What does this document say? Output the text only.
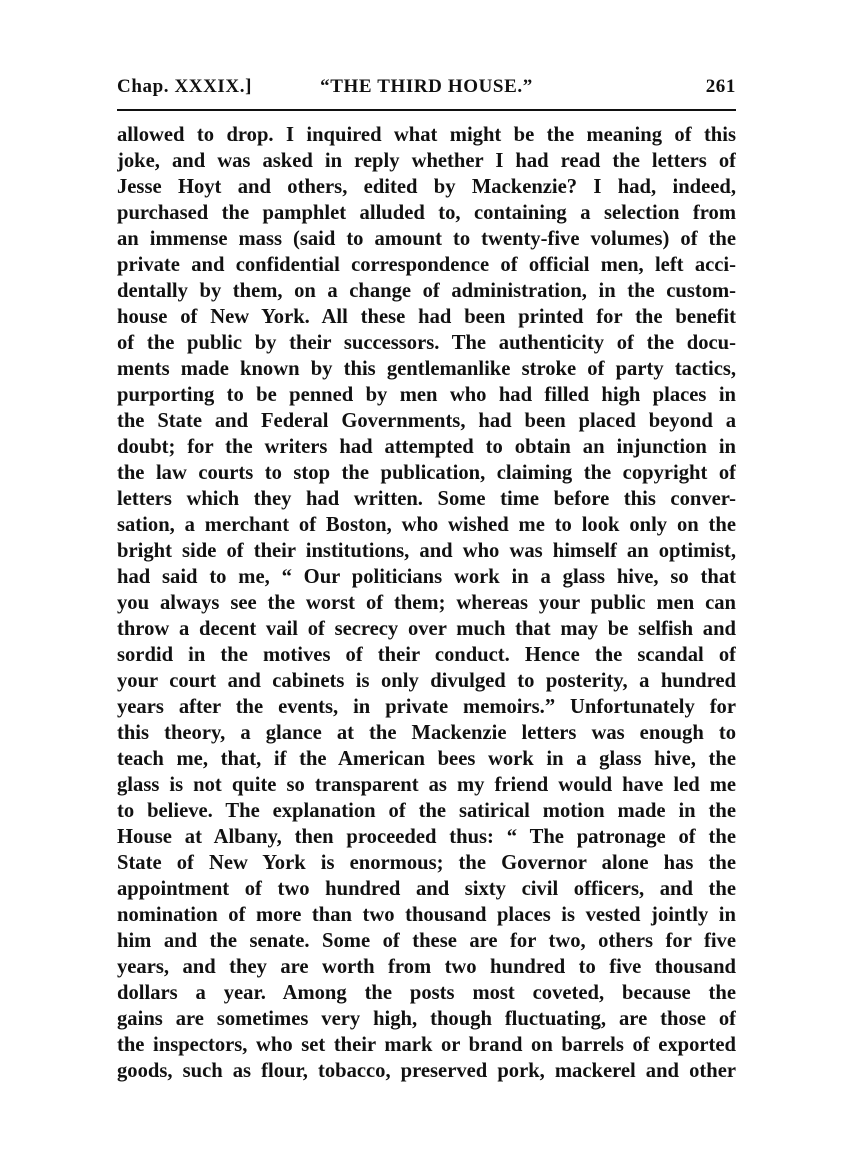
Chap. XXXIX.]	“THE THIRD HOUSE.”	261
allowed to drop. I inquired what might be the meaning of this
joke, and was asked in reply whether I had read the letters of
Jesse Hoyt and others, edited by Mackenzie? I had, indeed,
purchased the pamphlet alluded to, containing a selection from
an immense mass (said to amount to twenty-five volumes) of the
private and confidential correspondence of official men, left acci-
dentally by them, on a change of administration, in the custom-
house of New York. All these had been printed for the benefit
of the public by their successors. The authenticity of the docu-
ments made known by this gentlemanlike stroke of party tactics,
purporting to be penned by men who had filled high places in
the State and Federal Governments, had been placed beyond a
doubt; for the writers had attempted to obtain an injunction in
the law courts to stop the publication, claiming the copyright of
letters which they had written. Some time before this conver-
sation, a merchant of Boston, who wished me to look only on the
bright side of their institutions, and who was himself an optimist,
had said to me, “ Our politicians work in a glass hive, so that
you always see the worst of them; whereas your public men can
throw a decent vail of secrecy over much that may be selfish and
sordid in the motives of their conduct. Hence the scandal of
your court and cabinets is only divulged to posterity, a hundred
years after the events, in private memoirs.” Unfortunately for
this theory, a glance at the Mackenzie letters was enough to
teach me, that, if the American bees work in a glass hive, the
glass is not quite so transparent as my friend would have led me
to believe. The explanation of the satirical motion made in the
House at Albany, then proceeded thus: “ The patronage of the
State of New York is enormous; the Governor alone has the
appointment of two hundred and sixty civil officers, and the
nomination of more than two thousand places is vested jointly in
him and the senate. Some of these are for two, others for five
years, and they are worth from two hundred to five thousand
dollars a year. Among the posts most coveted, because the
gains are sometimes very high, though fluctuating, are those of
the inspectors, who set their mark or brand on barrels of exported
goods, such as flour, tobacco, preserved pork, mackerel and other
